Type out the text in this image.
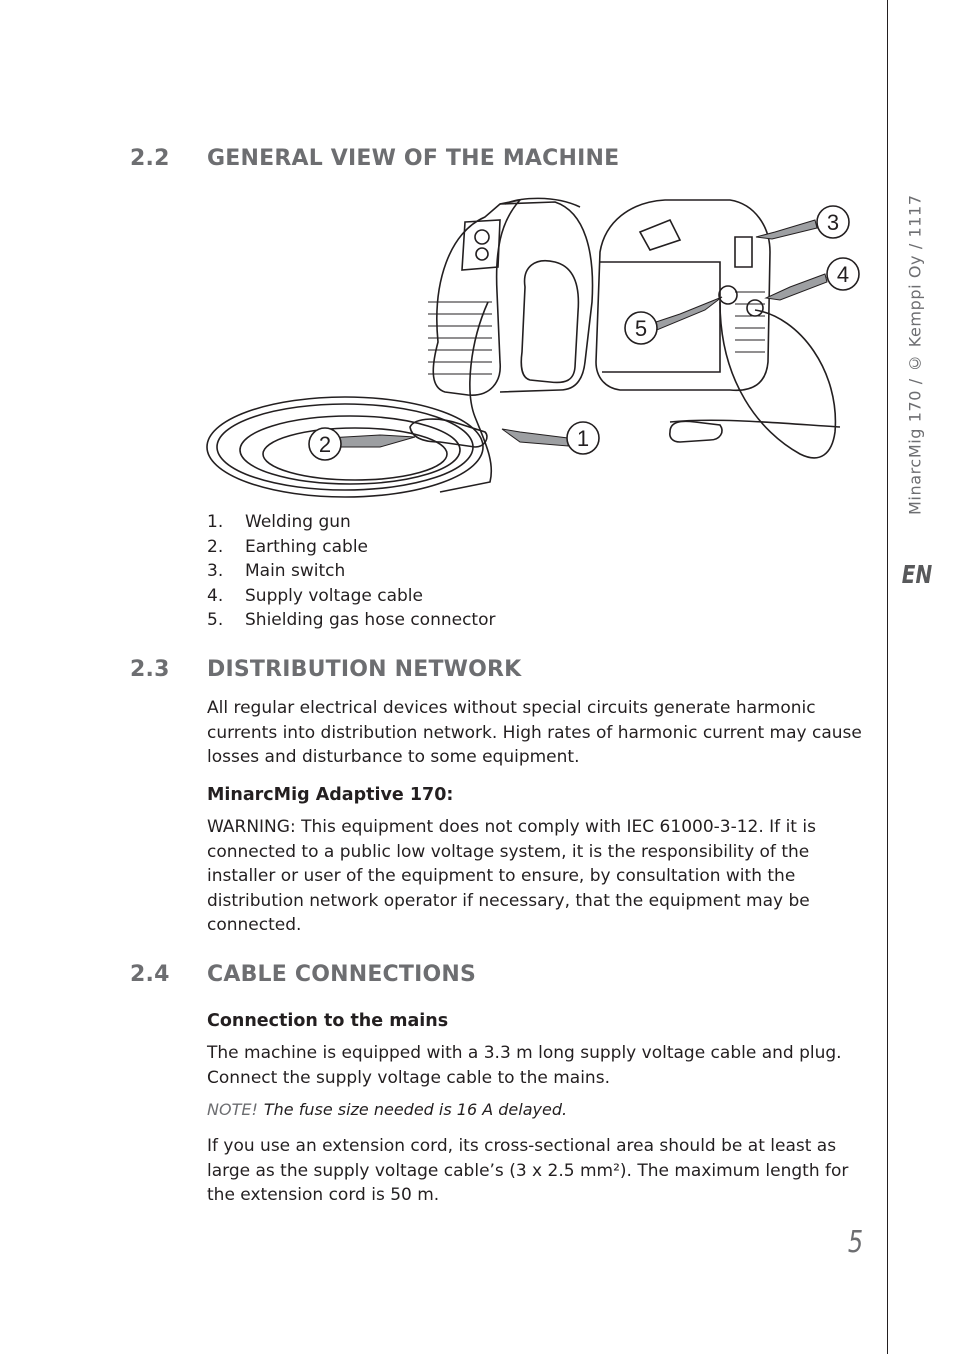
MinarcMig 170 / © Kemppi Oy / 1117
EN
5
2.2 GENERAL VIEW OF THE MACHINE
1
2
3
4
5
1. Welding gun
2. Earthing cable
3. Main switch
4. Supply voltage cable
5. Shielding gas hose connector
2.3 DISTRIBUTION NETWORK

All regular electrical devices without special circuits generate harmonic currents into distribution network. High rates of harmonic current may cause losses and disturbance to some equipment.

MinarcMig Adaptive 170:

WARNING: This equipment does not comply with IEC 61000-3-12. If it is connected to a public low voltage system, it is the responsibility of the installer or user of the equipment to ensure, by consultation with the distribution network operator if necessary, that the equipment may be connected.

2.4 CABLE CONNECTIONS

Connection to the mains

The machine is equipped with a 3.3 m long supply voltage cable and plug. Connect the supply voltage cable to the mains.

NOTE! The fuse size needed is 16 A delayed.

If you use an extension cord, its cross-sectional area should be at least as large as the supply voltage cable’s (3 x 2.5 mm²). The maximum length for the extension cord is 50 m.
